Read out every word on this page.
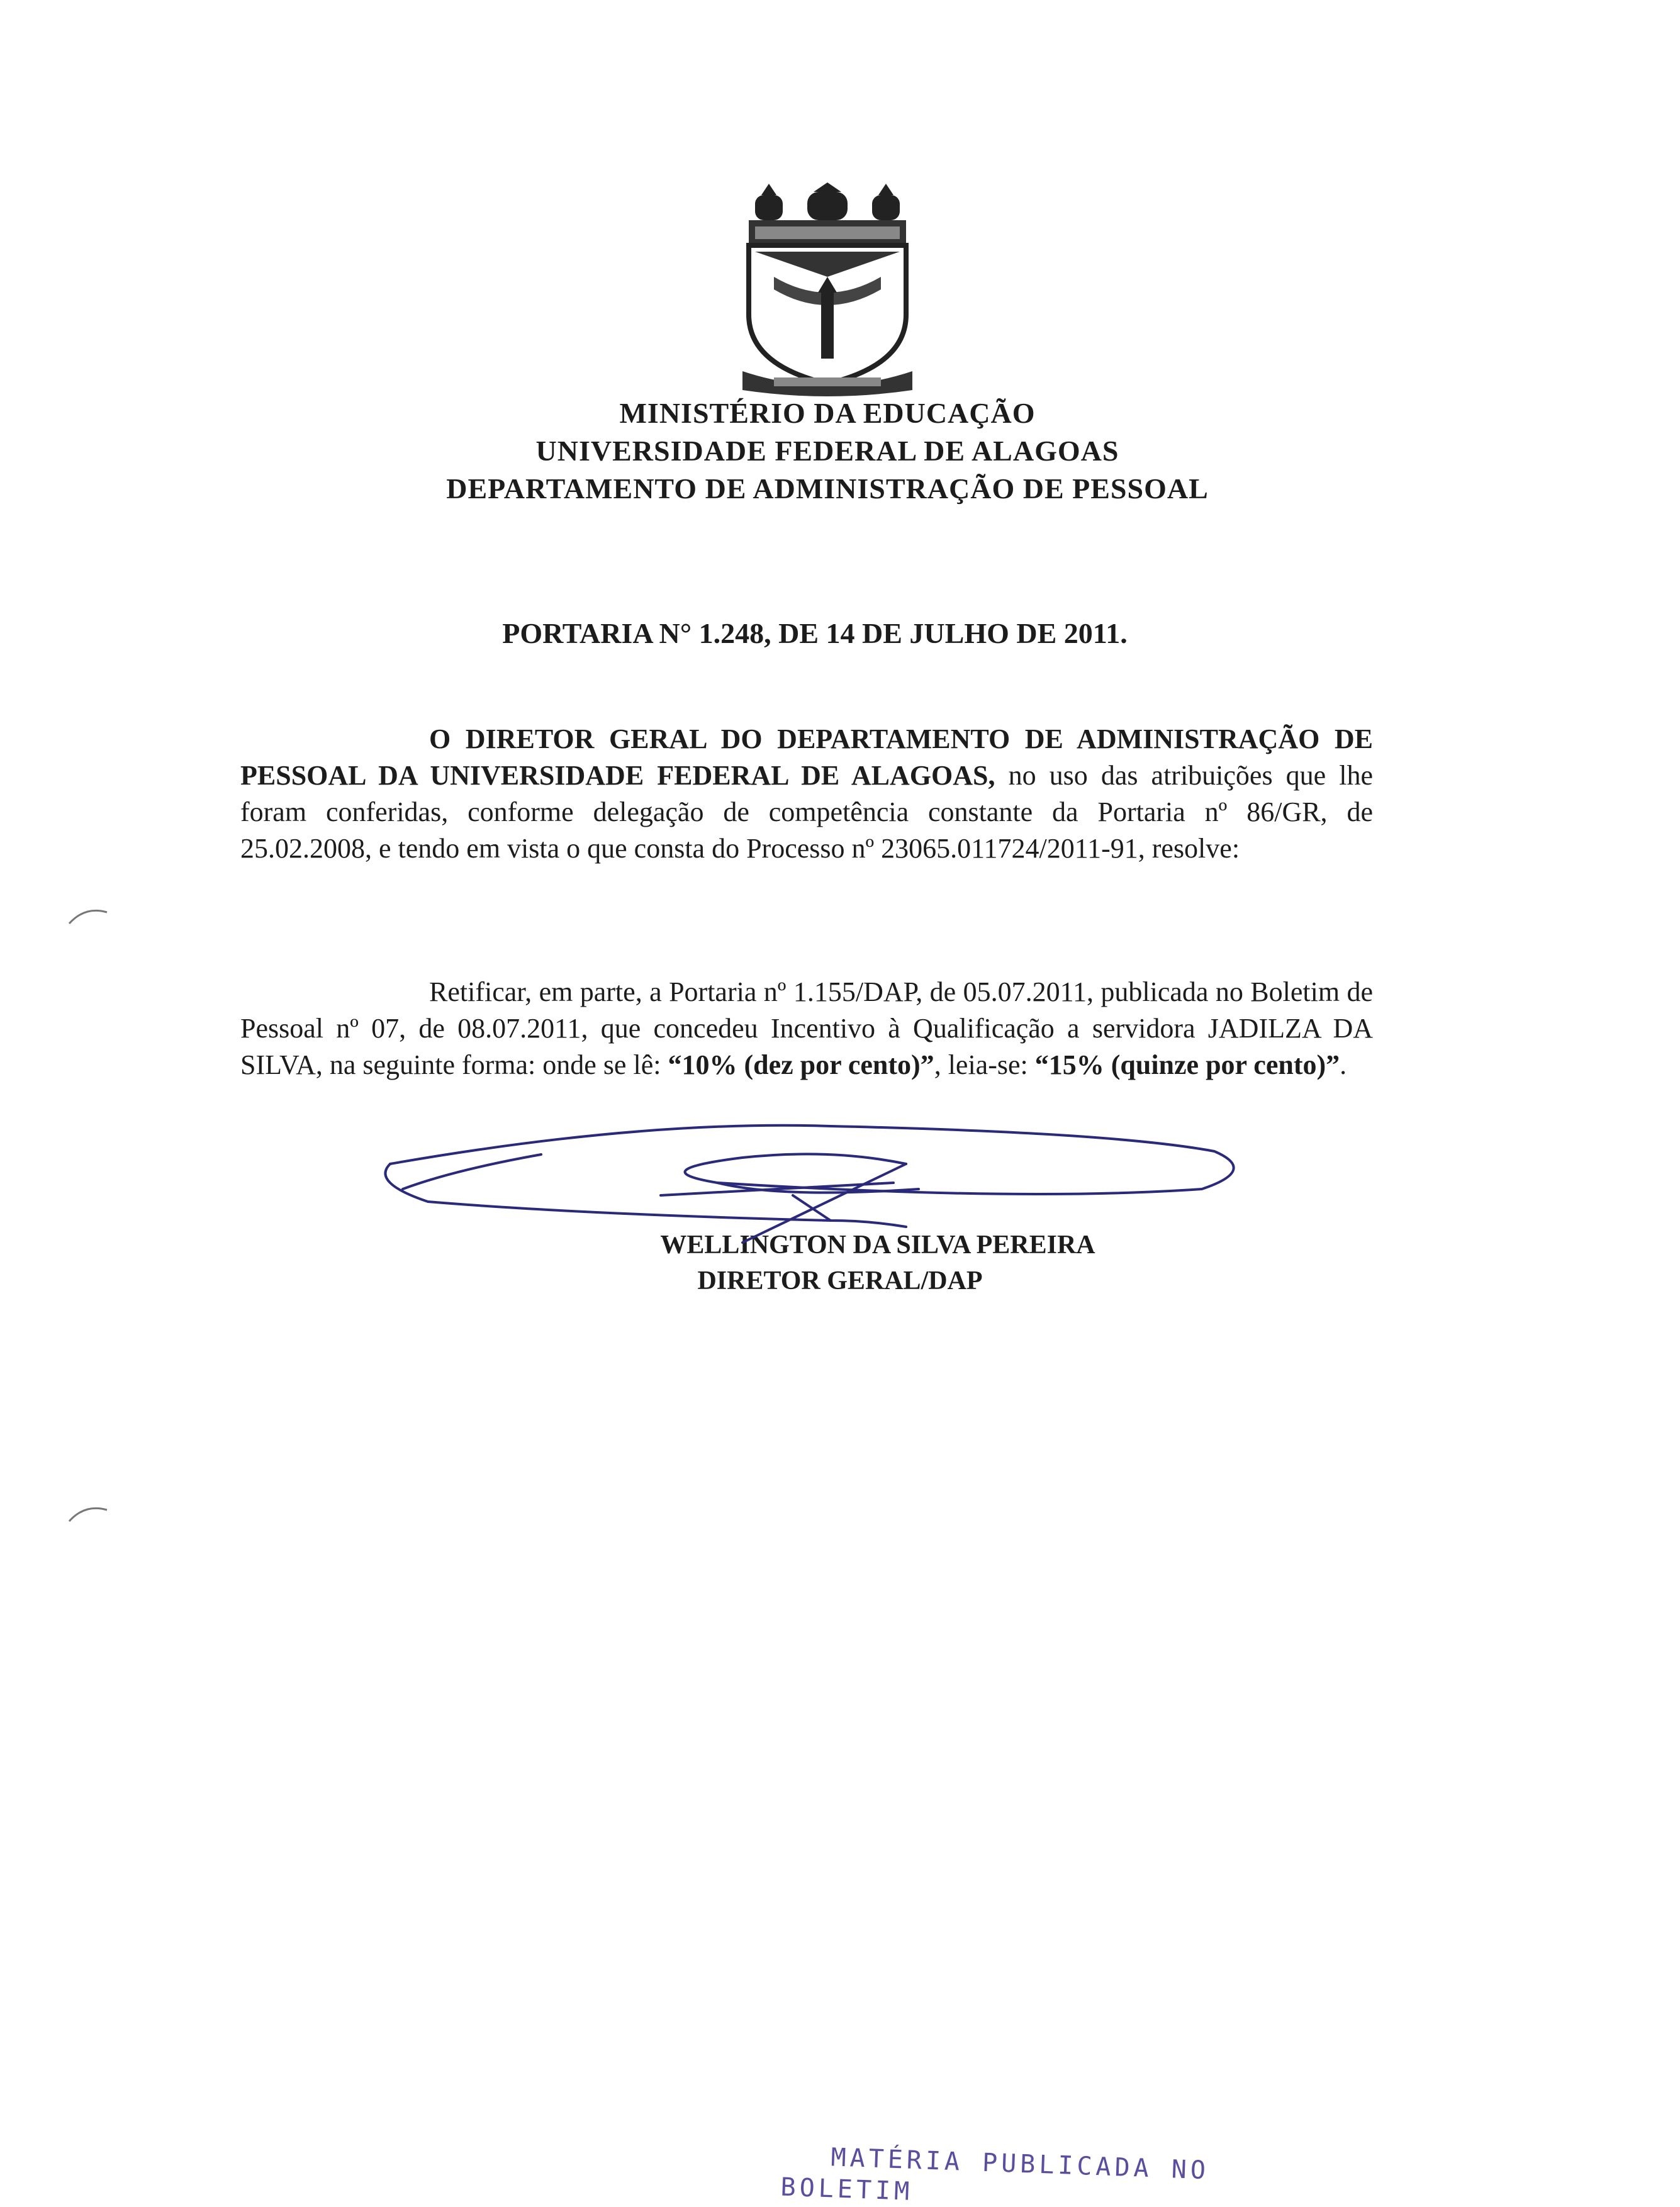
MINISTÉRIO DA EDUCAÇÃO
UNIVERSIDADE FEDERAL DE ALAGOAS
DEPARTAMENTO DE ADMINISTRAÇÃO DE PESSOAL
PORTARIA N° 1.248, DE 14 DE JULHO DE 2011.
O DIRETOR GERAL DO DEPARTAMENTO DE ADMINISTRAÇÃO DE PESSOAL DA UNIVERSIDADE FEDERAL DE ALAGOAS, no uso das atribuições que lhe foram conferidas, conforme delegação de competência constante da Portaria nº 86/GR, de 25.02.2008, e tendo em vista o que consta do Processo nº 23065.011724/2011-91, resolve:
Retificar, em parte, a Portaria nº 1.155/DAP, de 05.07.2011, publicada no Boletim de Pessoal nº 07, de 08.07.2011, que concedeu Incentivo à Qualificação a servidora JADILZA DA SILVA, na seguinte forma: onde se lê: “10% (dez por cento)”, leia-se: “15% (quinze por cento)”.
WELLINGTON DA SILVA PEREIRA
DIRETOR GERAL/DAP
MATÉRIA PUBLICADA NO
BOLETIM
